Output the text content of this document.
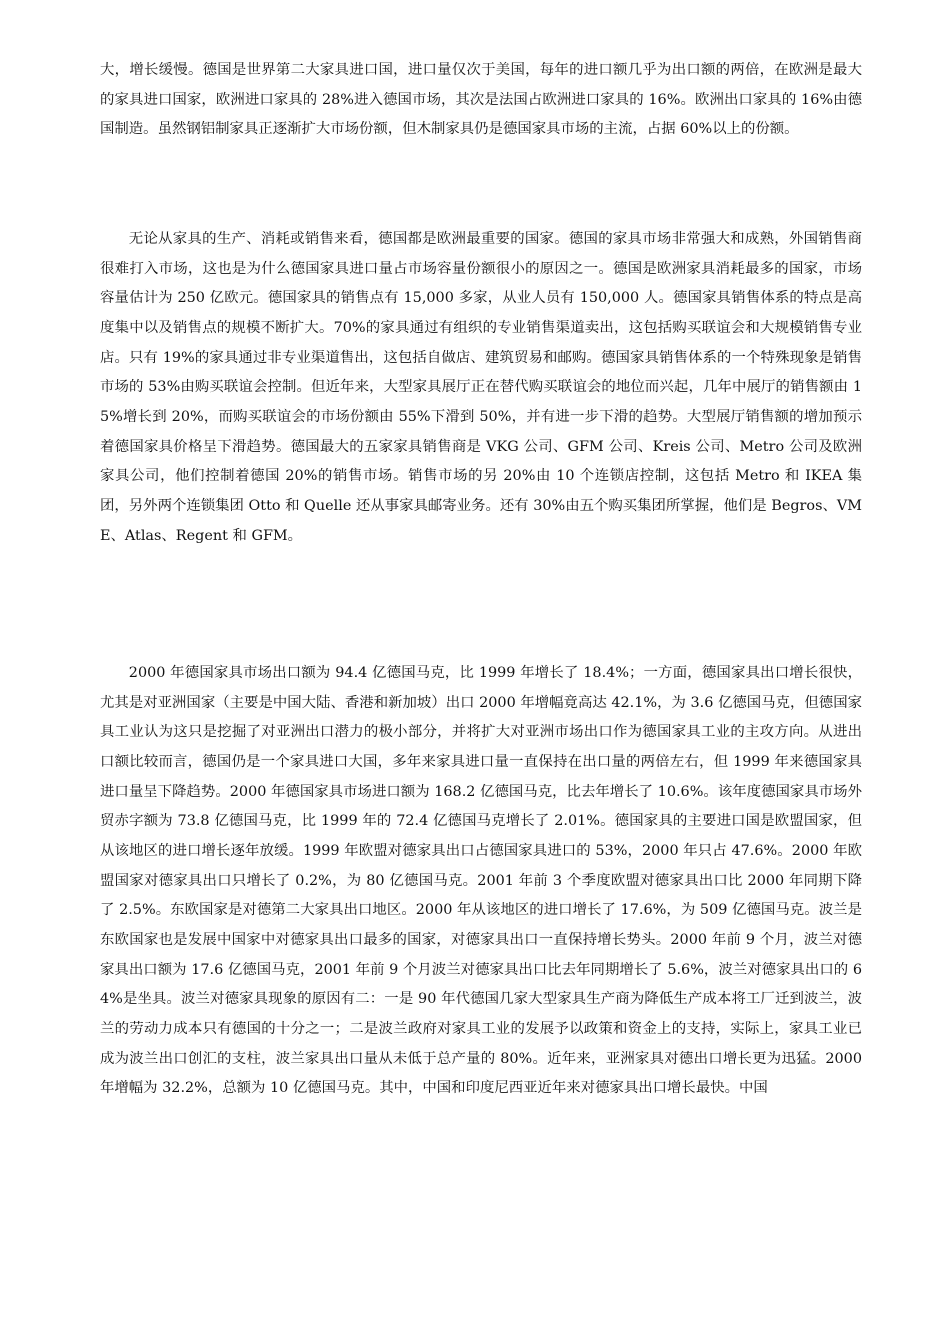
大，增长缓慢。德国是世界第二大家具进口国，进口量仅次于美国，每年的进口额几乎为出口额的两倍，在欧洲是最大的家具进口国家，欧洲进口家具的 28%进入德国市场，其次是法国占欧洲进口家具的 16%。欧洲出口家具的 16%由德国制造。虽然钢铝制家具正逐渐扩大市场份额，但木制家具仍是德国家具市场的主流，占据 60%以上的份额。

无论从家具的生产、消耗或销售来看，德国都是欧洲最重要的国家。德国的家具市场非常强大和成熟，外国销售商很难打入市场，这也是为什么德国家具进口量占市场容量份额很小的原因之一。德国是欧洲家具消耗最多的国家，市场容量估计为 250 亿欧元。德国家具的销售点有 15,000 多家，从业人员有 150,000 人。德国家具销售体系的特点是高度集中以及销售点的规模不断扩大。70%的家具通过有组织的专业销售渠道卖出，这包括购买联谊会和大规模销售专业店。只有 19%的家具通过非专业渠道售出，这包括自做店、建筑贸易和邮购。德国家具销售体系的一个特殊现象是销售市场的 53%由购买联谊会控制。但近年来，大型家具展厅正在替代购买联谊会的地位而兴起，几年中展厅的销售额由 15%增长到 20%，而购买联谊会的市场份额由 55%下滑到 50%，并有进一步下滑的趋势。大型展厅销售额的增加预示着德国家具价格呈下滑趋势。德国最大的五家家具销售商是 VKG 公司、GFM 公司、Kreis 公司、Metro 公司及欧洲家具公司，他们控制着德国 20%的销售市场。销售市场的另 20%由 10 个连锁店控制，这包括 Metro 和 IKEA 集团，另外两个连锁集团 Otto 和 Quelle 还从事家具邮寄业务。还有 30%由五个购买集团所掌握，他们是 Begros、VME、Atlas、Regent 和 GFM。

2000 年德国家具市场出口额为 94.4 亿德国马克，比 1999 年增长了 18.4%；一方面，德国家具出口增长很快，尤其是对亚洲国家（主要是中国大陆、香港和新加坡）出口 2000 年增幅竟高达 42.1%，为 3.6 亿德国马克，但德国家具工业认为这只是挖掘了对亚洲出口潜力的极小部分，并将扩大对亚洲市场出口作为德国家具工业的主攻方向。从进出口额比较而言，德国仍是一个家具进口大国，多年来家具进口量一直保持在出口量的两倍左右，但 1999 年来德国家具进口量呈下降趋势。2000 年德国家具市场进口额为 168.2 亿德国马克，比去年增长了 10.6%。该年度德国家具市场外贸赤字额为 73.8 亿德国马克，比 1999 年的 72.4 亿德国马克增长了 2.01%。德国家具的主要进口国是欧盟国家，但从该地区的进口增长逐年放缓。1999 年欧盟对德家具出口占德国家具进口的 53%，2000 年只占 47.6%。2000 年欧盟国家对德家具出口只增长了 0.2%，为 80 亿德国马克。2001 年前 3 个季度欧盟对德家具出口比 2000 年同期下降了 2.5%。东欧国家是对德第二大家具出口地区。2000 年从该地区的进口增长了 17.6%，为 509 亿德国马克。波兰是东欧国家也是发展中国家中对德家具出口最多的国家，对德家具出口一直保持增长势头。2000 年前 9 个月，波兰对德家具出口额为 17.6 亿德国马克，2001 年前 9 个月波兰对德家具出口比去年同期增长了 5.6%，波兰对德家具出口的 64%是坐具。波兰对德家具现象的原因有二：一是 90 年代德国几家大型家具生产商为降低生产成本将工厂迁到波兰，波兰的劳动力成本只有德国的十分之一；二是波兰政府对家具工业的发展予以政策和资金上的支持，实际上，家具工业已成为波兰出口创汇的支柱，波兰家具出口量从未低于总产量的 80%。近年来，亚洲家具对德出口增长更为迅猛。2000 年增幅为 32.2%，总额为 10 亿德国马克。其中，中国和印度尼西亚近年来对德家具出口增长最快。中国
